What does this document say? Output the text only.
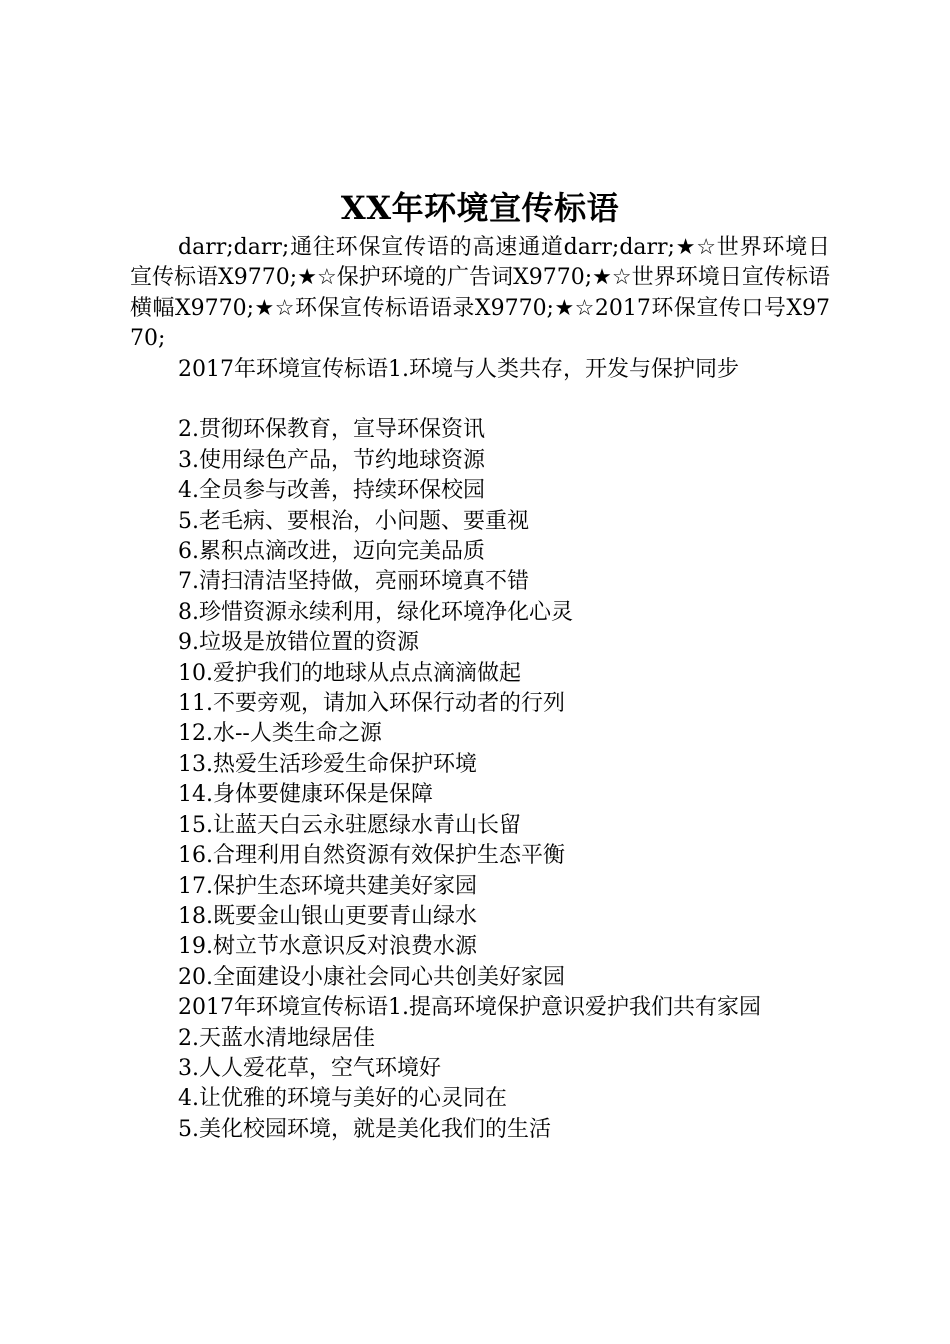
XX年环境宣传标语

darr;darr;通往环保宣传语的高速通道darr;darr;★☆世界环境日宣传标语X9770;★☆保护环境的广告词X9770;★☆世界环境日宣传标语横幅X9770;★☆环保宣传标语语录X9770;★☆2017环保宣传口号X9770;

2017年环境宣传标语1.环境与人类共存，开发与保护同步

2.贯彻环保教育，宣导环保资讯

3.使用绿色产品，节约地球资源

4.全员参与改善，持续环保校园

5.老毛病、要根治，小问题、要重视

6.累积点滴改进，迈向完美品质

7.清扫清洁坚持做，亮丽环境真不错

8.珍惜资源永续利用，绿化环境净化心灵

9.垃圾是放错位置的资源

10.爱护我们的地球从点点滴滴做起

11.不要旁观，请加入环保行动者的行列

12.水--人类生命之源

13.热爱生活珍爱生命保护环境

14.身体要健康环保是保障

15.让蓝天白云永驻愿绿水青山长留

16.合理利用自然资源有效保护生态平衡

17.保护生态环境共建美好家园

18.既要金山银山更要青山绿水

19.树立节水意识反对浪费水源

20.全面建设小康社会同心共创美好家园

2017年环境宣传标语1.提高环境保护意识爱护我们共有家园

2.天蓝水清地绿居佳

3.人人爱花草，空气环境好

4.让优雅的环境与美好的心灵同在

5.美化校园环境，就是美化我们的生活
